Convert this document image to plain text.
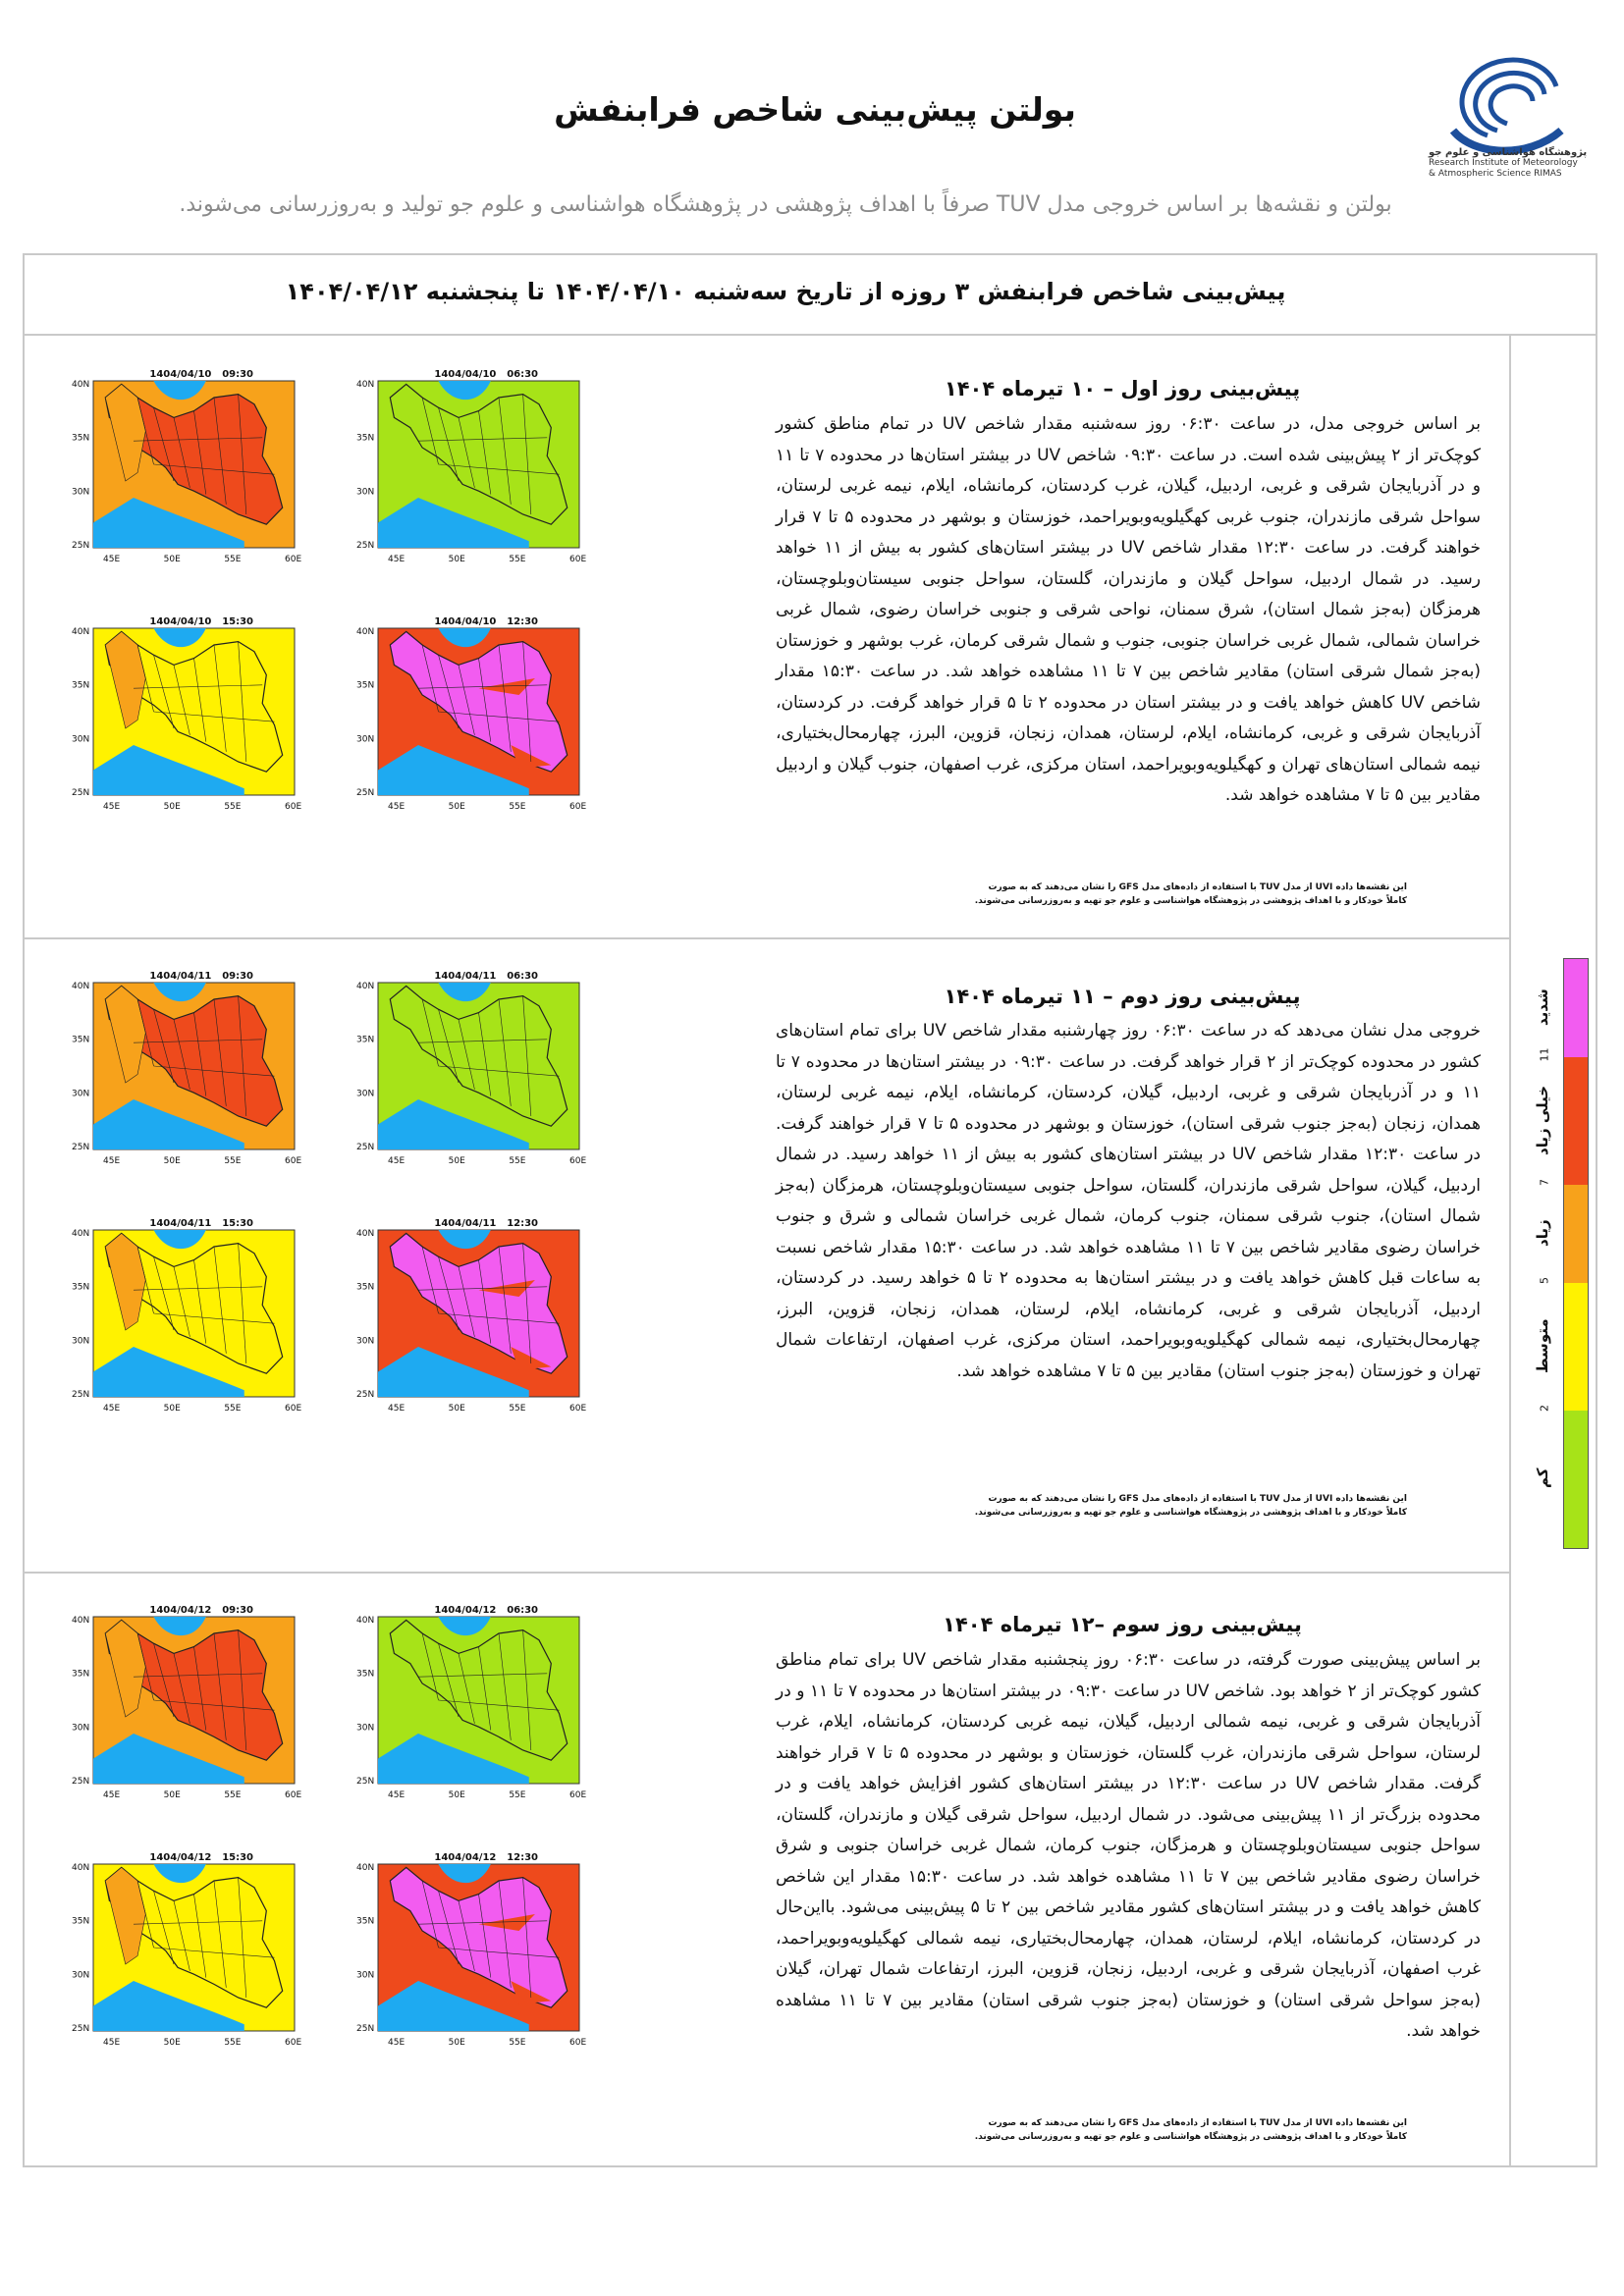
پژوهشگاه هواشناسی و علوم جو
Research Institute of Meteorology
& Atmospheric Science RIMAS
بولتن پیش‌بینی شاخص فرابنفش
بولتن و نقشه‌ها بر اساس خروجی مدل TUV صرفاً با اهداف پژوهشی در پژوهشگاه هواشناسی و علوم جو تولید و به‌روزرسانی می‌شوند.
پیش‌بینی شاخص فرابنفش ۳ روزه از تاریخ سه‌شنبه ۱۴۰۴/۰۴/۱۰ تا پنجشنبه ۱۴۰۴/۰۴/۱۲
پیش‌بینی روز اول – ۱۰ تیرماه ۱۴۰۴
بر اساس خروجی مدل، در ساعت ۰۶:۳۰ روز سه‌شنبه مقدار شاخص UV در تمام مناطق کشور کوچک‌تر از ۲ پیش‌بینی شده است. در ساعت ۰۹:۳۰ شاخص UV در بیشتر استان‌ها در محدوده ۷ تا ۱۱ و در آذربایجان شرقی و غربی، اردبیل، گیلان، غرب کردستان، کرمانشاه، ایلام، نیمه غربی لرستان، سواحل شرقی مازندران، جنوب غربی کهگیلویه‌وبویراحمد، خوزستان و بوشهر در محدوده ۵ تا ۷ قرار خواهند گرفت. در ساعت ۱۲:۳۰ مقدار شاخص UV در بیشتر استان‌های کشور به بیش از ۱۱ خواهد رسید. در شمال اردبیل، سواحل گیلان و مازندران، گلستان، سواحل جنوبی سیستان‌وبلوچستان، هرمزگان (به‌جز شمال استان)، شرق سمنان، نواحی شرقی و جنوبی خراسان رضوی، شمال غربی خراسان شمالی، شمال غربی خراسان جنوبی، جنوب و شمال شرقی کرمان، غرب بوشهر و خوزستان (به‌جز شمال شرقی استان) مقادیر شاخص بین ۷ تا ۱۱ مشاهده خواهد شد. در ساعت ۱۵:۳۰ مقدار شاخص UV کاهش خواهد یافت و در بیشتر استان در محدوده ۲ تا ۵ قرار خواهد گرفت. در کردستان، آذربایجان شرقی و غربی، کرمانشاه، ایلام، لرستان، همدان، زنجان، قزوین، البرز، چهارمحال‌بختیاری، نیمه شمالی استان‌های تهران و کهگیلویه‌وبویراحمد، استان مرکزی، غرب اصفهان، جنوب گیلان و اردبیل مقادیر بین ۵ تا ۷ مشاهده خواهد شد.
1404/04/10 06:30
40N
35N
30N
25N
45E	50E	55E	60E
1404/04/10 09:30
40N
35N
30N
25N
45E	50E	55E	60E
1404/04/10 12:30
40N
35N
30N
25N
45E	50E	55E	60E
1404/04/10 15:30
40N
35N
30N
25N
45E	50E	55E	60E
این نقشه‌ها داده UVI از مدل TUV با استفاده از داده‌های مدل GFS را نشان می‌دهند که به صورت
کاملاً خودکار و با اهداف پژوهشی در پژوهشگاه هواشناسی و علوم جو تهیه و به‌روزرسانی می‌شوند.
پیش‌بینی روز دوم – ۱۱ تیرماه ۱۴۰۴
خروجی مدل نشان می‌دهد که در ساعت ۰۶:۳۰ روز چهارشنبه مقدار شاخص UV برای تمام استان‌های کشور در محدوده کوچک‌تر از ۲ قرار خواهد گرفت. در ساعت ۰۹:۳۰ در بیشتر استان‌ها در محدوده ۷ تا ۱۱ و در آذربایجان شرقی و غربی، اردبیل، گیلان، کردستان، کرمانشاه، ایلام، نیمه غربی لرستان، همدان، زنجان (به‌جز جنوب شرقی استان)، خوزستان و بوشهر در محدوده ۵ تا ۷ قرار خواهند گرفت. در ساعت ۱۲:۳۰ مقدار شاخص UV در بیشتر استان‌های کشور به بیش از ۱۱ خواهد رسید. در شمال اردبیل، گیلان، سواحل شرقی مازندران، گلستان، سواحل جنوبی سیستان‌وبلوچستان، هرمزگان (به‌جز شمال استان)، جنوب شرقی سمنان، جنوب کرمان، شمال غربی خراسان شمالی و شرق و جنوب خراسان رضوی مقادیر شاخص بین ۷ تا ۱۱ مشاهده خواهد شد. در ساعت ۱۵:۳۰ مقدار شاخص نسبت به ساعات قبل کاهش خواهد یافت و در بیشتر استان‌ها به محدوده ۲ تا ۵ خواهد رسید. در کردستان، اردبیل، آذربایجان شرقی و غربی، کرمانشاه، ایلام، لرستان، همدان، زنجان، قزوین، البرز، چهارمحال‌بختیاری، نیمه شمالی کهگیلویه‌وبویراحمد، استان مرکزی، غرب اصفهان، ارتفاعات شمال تهران و خوزستان (به‌جز جنوب استان) مقادیر بین ۵ تا ۷ مشاهده خواهد شد.
1404/04/11 06:30
40N
35N
30N
25N
45E	50E	55E	60E
1404/04/11 09:30
40N
35N
30N
25N
45E	50E	55E	60E
1404/04/11 12:30
40N
35N
30N
25N
45E	50E	55E	60E
1404/04/11 15:30
40N
35N
30N
25N
45E	50E	55E	60E
این نقشه‌ها داده UVI از مدل TUV با استفاده از داده‌های مدل GFS را نشان می‌دهند که به صورت
کاملاً خودکار و با اهداف پژوهشی در پژوهشگاه هواشناسی و علوم جو تهیه و به‌روزرسانی می‌شوند.
پیش‌بینی روز سوم –۱۲ تیرماه ۱۴۰۴
بر اساس پیش‌بینی صورت گرفته، در ساعت ۰۶:۳۰ روز پنجشنبه مقدار شاخص UV برای تمام مناطق کشور کوچک‌تر از ۲ خواهد بود. شاخص UV در ساعت ۰۹:۳۰ در بیشتر استان‌ها در محدوده ۷ تا ۱۱ و در آذربایجان شرقی و غربی، نیمه شمالی اردبیل، گیلان، نیمه غربی کردستان، کرمانشاه، ایلام، غرب لرستان، سواحل شرقی مازندران، غرب گلستان، خوزستان و بوشهر در محدوده ۵ تا ۷ قرار خواهند گرفت. مقدار شاخص UV در ساعت ۱۲:۳۰ در بیشتر استان‌های کشور افزایش خواهد یافت و در محدوده بزرگ‌تر از ۱۱ پیش‌بینی می‌شود. در شمال اردبیل، سواحل شرقی گیلان و مازندران، گلستان، سواحل جنوبی سیستان‌وبلوچستان و هرمزگان، جنوب کرمان، شمال غربی خراسان جنوبی و شرق خراسان رضوی مقادیر شاخص بین ۷ تا ۱۱ مشاهده خواهد شد. در ساعت ۱۵:۳۰ مقدار این شاخص کاهش خواهد یافت و در بیشتر استان‌های کشور مقادیر شاخص بین ۲ تا ۵ پیش‌بینی می‌شود. بااین‌حال در کردستان، کرمانشاه، ایلام، لرستان، همدان، چهارمحال‌بختیاری، نیمه شمالی کهگیلویه‌وبویراحمد، غرب اصفهان، آذربایجان شرقی و غربی، اردبیل، زنجان، قزوین، البرز، ارتفاعات شمال تهران، گیلان (به‌جز سواحل شرقی استان) و خوزستان (به‌جز جنوب شرقی استان) مقادیر بین ۷ تا ۱۱ مشاهده خواهد شد.
1404/04/12 06:30
40N
35N
30N
25N
45E	50E	55E	60E
1404/04/12 09:30
40N
35N
30N
25N
45E	50E	55E	60E
1404/04/12 12:30
40N
35N
30N
25N
45E	50E	55E	60E
1404/04/12 15:30
40N
35N
30N
25N
45E	50E	55E	60E
این نقشه‌ها داده UVI از مدل TUV با استفاده از داده‌های مدل GFS را نشان می‌دهند که به صورت
کاملاً خودکار و با اهداف پژوهشی در پژوهشگاه هواشناسی و علوم جو تهیه و به‌روزرسانی می‌شوند.
شدید
خیلی زیاد
زیاد
متوسط
کم
11
7
5
2
